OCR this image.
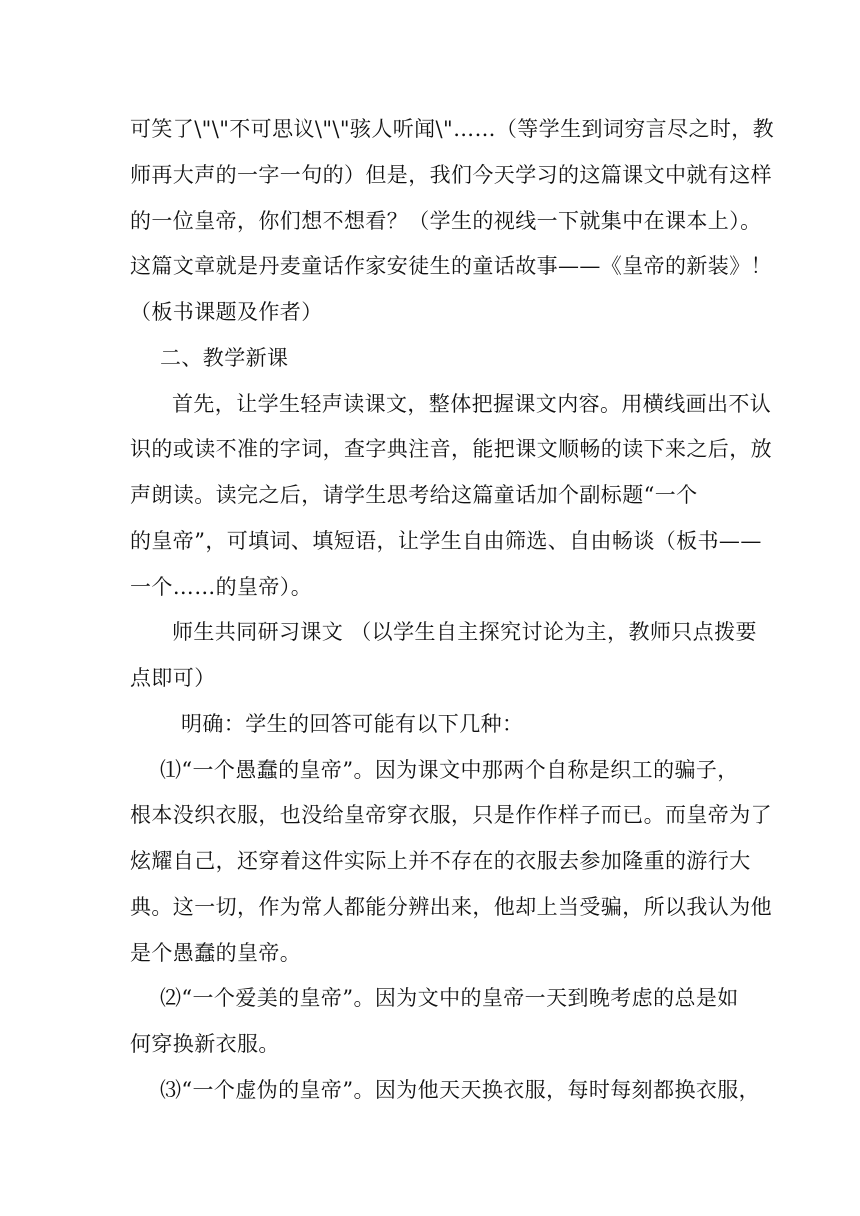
可笑了\"\"不可思议\"\"骇人听闻\"……（等学生到词穷言尽之时，教
师再大声的一字一句的）但是，我们今天学习的这篇课文中就有这样
的一位皇帝，你们想不想看？（学生的视线一下就集中在课本上）。
这篇文章就是丹麦童话作家安徒生的童话故事——《皇帝的新装》！
（板书课题及作者）
二、教学新课
首先，让学生轻声读课文，整体把握课文内容。用横线画出不认
识的或读不准的字词，查字典注音，能把课文顺畅的读下来之后，放
声朗读。读完之后，请学生思考给这篇童话加个副标题“一个
的皇帝”，可填词、填短语，让学生自由筛选、自由畅谈（板书——
一个……的皇帝）。
师生共同研习课文 （以学生自主探究讨论为主，教师只点拨要
点即可）
明确：学生的回答可能有以下几种：
⑴“一个愚蠢的皇帝”。因为课文中那两个自称是织工的骗子，
根本没织衣服，也没给皇帝穿衣服，只是作作样子而已。而皇帝为了
炫耀自己，还穿着这件实际上并不存在的衣服去参加隆重的游行大
典。这一切，作为常人都能分辨出来，他却上当受骗，所以我认为他
是个愚蠢的皇帝。
⑵“一个爱美的皇帝”。因为文中的皇帝一天到晚考虑的总是如
何穿换新衣服。
⑶“一个虚伪的皇帝”。因为他天天换衣服，每时每刻都换衣服，
